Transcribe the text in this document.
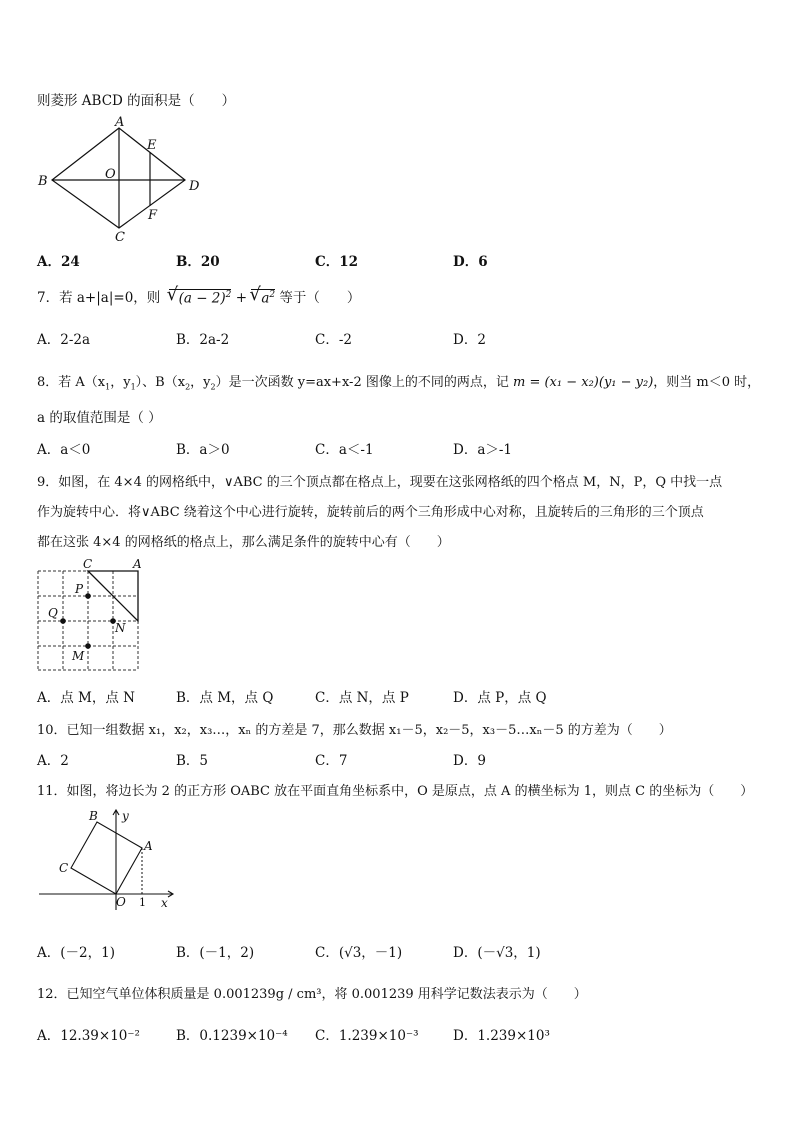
则菱形 ABCD 的面积是（　　）
A
B
C
D
E
F
O
A．24	B．20	C．12	D．6
7．若 a+|a|=0，则 √ $(a - 2)^2$ + √ $a^2$ 等于（　　）
A．2-2a	B．2a-2	C．-2	D．2
8．若 $A(x_1$，$y_1$）、$B(x_2$，$y_2$）是一次函数 y=ax+x-2 图像上的不同的两点，记 m = (x₁ − x₂)(y₁ − y₂)，则当 m＜0 时，
a 的取值范围是（ ）
A．a＜0	B．a＞0	C．a＜-1	D．a＞-1
9．如图，在 4×4 的网格纸中，∨ABC 的三个顶点都在格点上，现要在这张网格纸的四个格点 M，N，P，Q 中找一点
作为旋转中心．将∨ABC 绕着这个中心进行旋转，旋转前后的两个三角形成中心对称，且旋转后的三角形的三个顶点
都在这张 4×4 的网格纸的格点上，那么满足条件的旋转中心有（　　）
C	A
P
Q
N
M
A．点 M，点 N	B．点 M，点 Q	C．点 N，点 P	D．点 P，点 Q
10．已知一组数据 x₁，x₂，x₃…，xₙ 的方差是 7，那么数据 x₁－5，x₂－5，x₃－5…xₙ－5 的方差为（　　）
A．2	B．5	C．7	D．9
11．如图，将边长为 2 的正方形 OABC 放在平面直角坐标系中，O 是原点，点 A 的横坐标为 1，则点 C 的坐标为（　　）
B
A
C
O
y
x
1
A．(－2，1)	B．(－1，2)	C．(√3，－1)	D．(－√3，1)
12．已知空气单位体积质量是 0.001239g / cm³，将 0.001239 用科学记数法表示为（　　）
A．12.39×10⁻²	B．0.1239×10⁻⁴ C．1.239×10⁻³	D．1.239×10³
